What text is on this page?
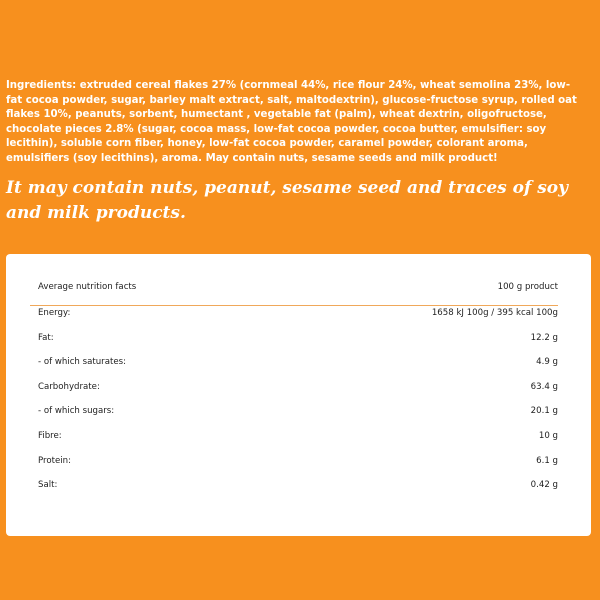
Ingredients: extruded cereal flakes 27% (cornmeal 44%, rice flour 24%, wheat semolina 23%, low-fat cocoa powder, sugar, barley malt extract, salt, maltodextrin), glucose-fructose syrup, rolled oat flakes 10%, peanuts, sorbent, humectant , vegetable fat (palm), wheat dextrin, oligofructose, chocolate pieces 2.8% (sugar, cocoa mass, low-fat cocoa powder, cocoa butter, emulsifier: soy lecithin), soluble corn fiber, honey, low-fat cocoa powder, caramel powder, colorant aroma, emulsifiers (soy lecithins), aroma. May contain nuts, sesame seeds and milk product!

It may contain nuts, peanut, sesame seed and traces of soy and milk products.

Average nutrition facts	100 g product
Energy:	1658 kJ 100g / 395 kcal 100g
Fat:	12.2 g
- of which saturates:	4.9 g
Carbohydrate:	63.4 g
- of which sugars:	20.1 g
Fibre:	10 g
Protein:	6.1 g
Salt:	0.42 g
